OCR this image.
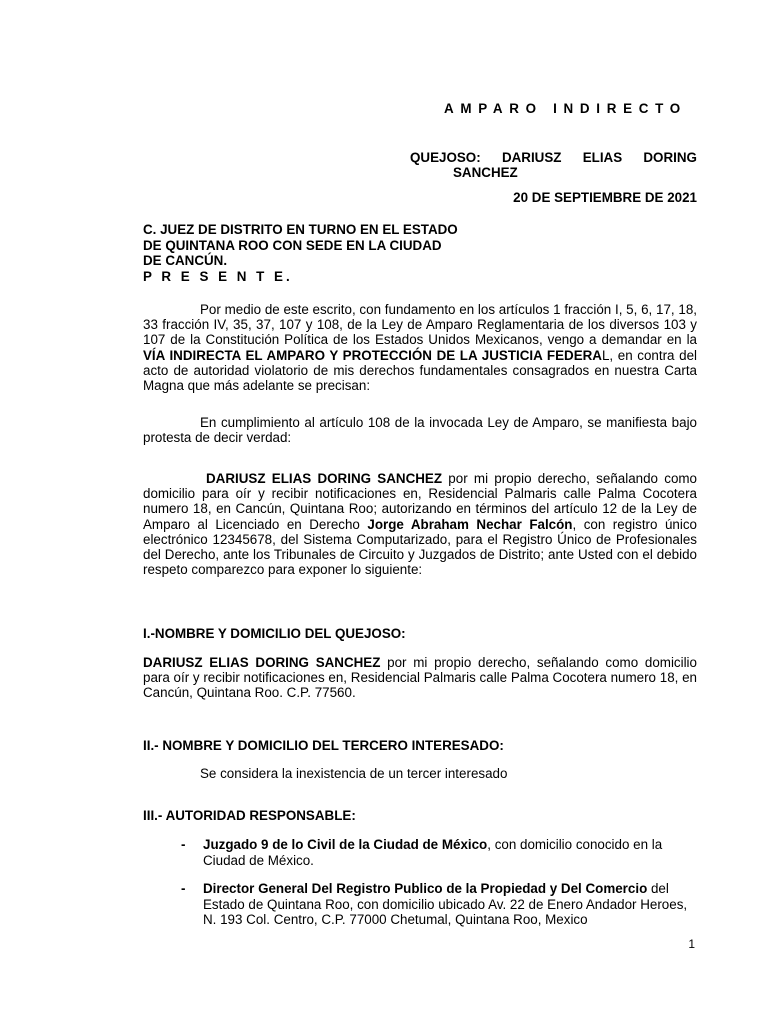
AMPARO INDIRECTO
QUEJOSO: DARIUSZ ELIAS DORING
SANCHEZ
20 DE SEPTIEMBRE DE 2021
C. JUEZ DE DISTRITO EN TURNO EN EL ESTADO
DE QUINTANA ROO CON SEDE EN LA CIUDAD
DE CANCÚN.
P R E S E N T E.

Por medio de este escrito, con fundamento en los artículos 1 fracción I, 5, 6, 17, 18, 33 fracción IV, 35, 37, 107 y 108, de la Ley de Amparo Reglamentaria de los diversos 103 y 107 de la Constitución Política de los Estados Unidos Mexicanos, vengo a demandar en la VÍA INDIRECTA EL AMPARO Y PROTECCIÓN DE LA JUSTICIA FEDERAL, en contra del acto de autoridad violatorio de mis derechos fundamentales consagrados en nuestra Carta Magna que más adelante se precisan:

En cumplimiento al artículo 108 de la invocada Ley de Amparo, se manifiesta bajo protesta de decir verdad:

DARIUSZ ELIAS DORING SANCHEZ por mi propio derecho, señalando como domicilio para oír y recibir notificaciones en, Residencial Palmaris calle Palma Cocotera numero 18, en Cancún, Quintana Roo; autorizando en términos del artículo 12 de la Ley de Amparo al Licenciado en Derecho Jorge Abraham Nechar Falcón, con registro único electrónico 12345678, del Sistema Computarizado, para el Registro Único de Profesionales del Derecho, ante los Tribunales de Circuito y Juzgados de Distrito; ante Usted con el debido respeto comparezco para exponer lo siguiente:

I.-NOMBRE Y DOMICILIO DEL QUEJOSO:

DARIUSZ ELIAS DORING SANCHEZ por mi propio derecho, señalando como domicilio para oír y recibir notificaciones en, Residencial Palmaris calle Palma Cocotera numero 18, en Cancún, Quintana Roo. C.P. 77560.

II.- NOMBRE Y DOMICILIO DEL TERCERO INTERESADO:
Se considera la inexistencia de un tercer interesado
III.- AUTORIDAD RESPONSABLE:
- Juzgado 9 de lo Civil de la Ciudad de México, con domicilio conocido en la Ciudad de México.
- Director General Del Registro Publico de la Propiedad y Del Comercio del Estado de Quintana Roo, con domicilio ubicado Av. 22 de Enero Andador Heroes, N. 193 Col. Centro, C.P. 77000 Chetumal, Quintana Roo, Mexico
1
